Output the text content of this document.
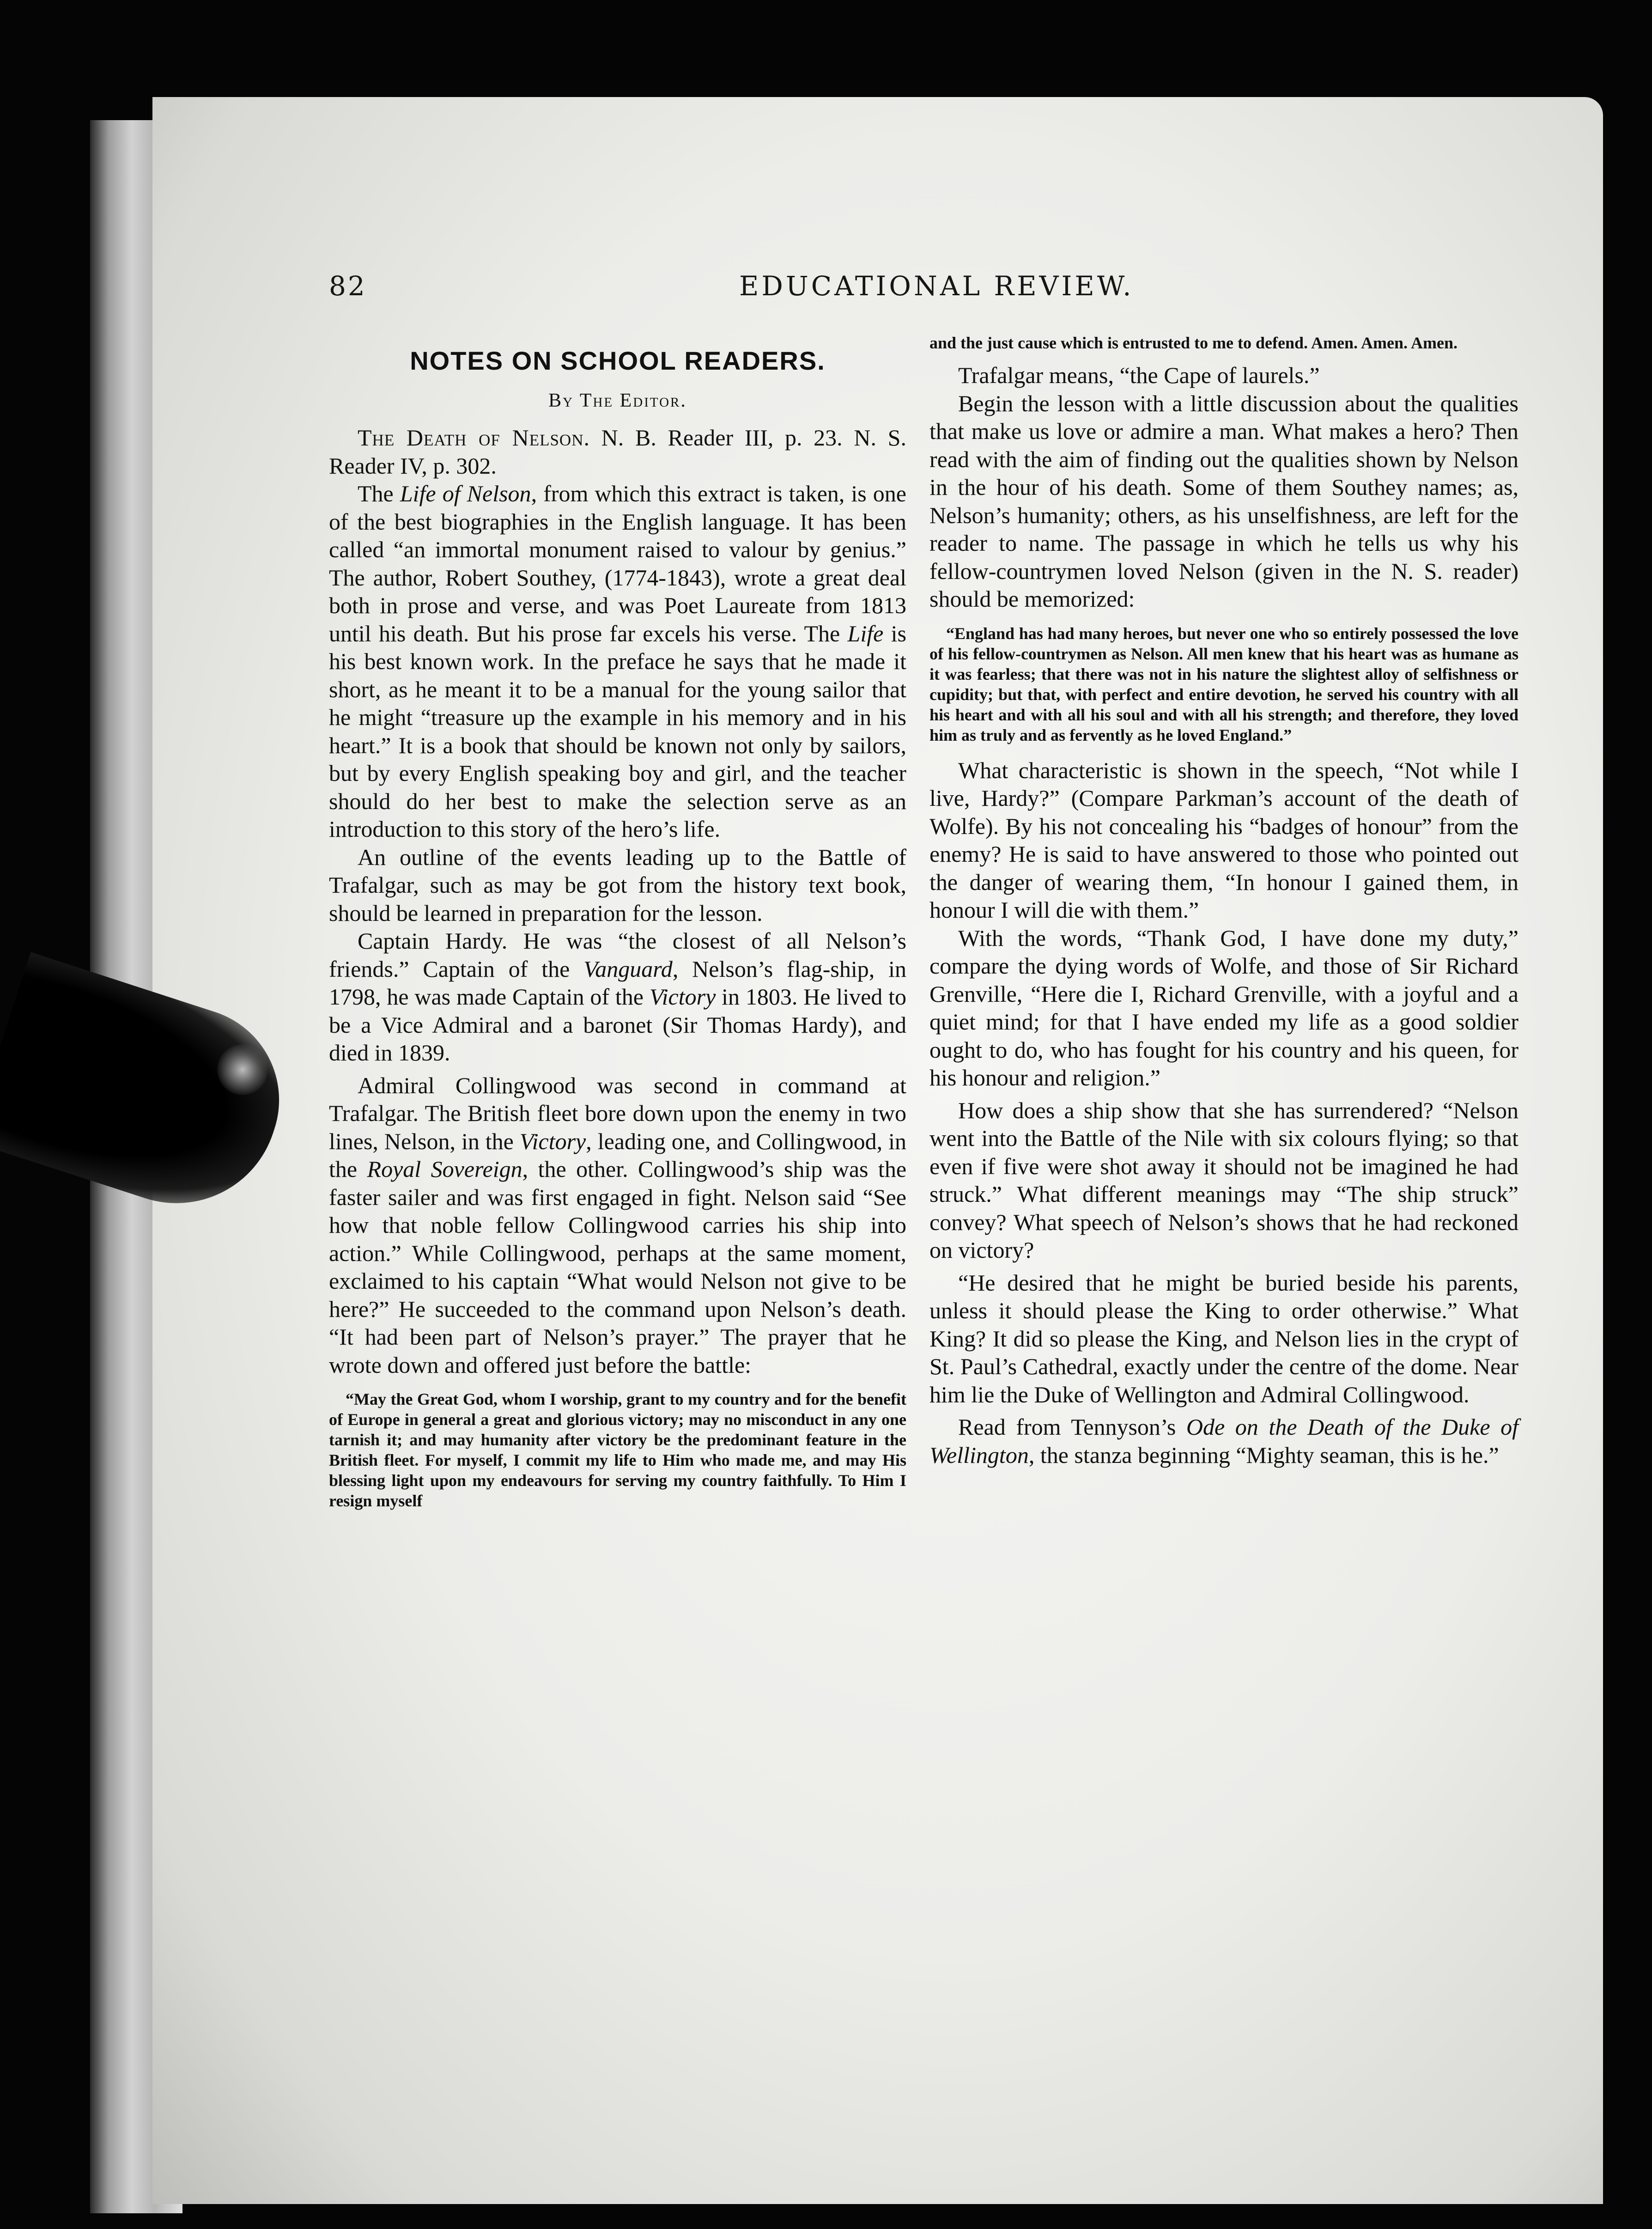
82	EDUCATIONAL REVIEW.
NOTES ON SCHOOL READERS.
By The Editor.

The Death of Nelson. N. B. Reader III, p. 23. N. S. Reader IV, p. 302.

The Life of Nelson, from which this extract is taken, is one of the best biographies in the English language. It has been called “an immortal monument raised to valour by genius.” The author, Robert Southey, (1774-1843), wrote a great deal both in prose and verse, and was Poet Laureate from 1813 until his death. But his prose far excels his verse. The Life is his best known work. In the preface he says that he made it short, as he meant it to be a manual for the young sailor that he might “treasure up the example in his memory and in his heart.” It is a book that should be known not only by sailors, but by every English speaking boy and girl, and the teacher should do her best to make the selection serve as an introduction to this story of the hero’s life.

An outline of the events leading up to the Battle of Trafalgar, such as may be got from the history text book, should be learned in preparation for the lesson.

Captain Hardy. He was “the closest of all Nelson’s friends.” Captain of the Vanguard, Nelson’s flag-ship, in 1798, he was made Captain of the Victory in 1803. He lived to be a Vice Admiral and a baronet (Sir Thomas Hardy), and died in 1839.

Admiral Collingwood was second in command at Trafalgar. The British fleet bore down upon the enemy in two lines, Nelson, in the Victory, leading one, and Collingwood, in the Royal Sovereign, the other. Collingwood’s ship was the faster sailer and was first engaged in fight. Nelson said “See how that noble fellow Collingwood carries his ship into action.” While Collingwood, perhaps at the same moment, exclaimed to his captain “What would Nelson not give to be here?” He succeeded to the command upon Nelson’s death. “It had been part of Nelson’s prayer.” The prayer that he wrote down and offered just before the battle:

“May the Great God, whom I worship, grant to my country and for the benefit of Europe in general a great and glorious victory; may no misconduct in any one tarnish it; and may humanity after victory be the predominant feature in the British fleet. For myself, I commit my life to Him who made me, and may His blessing light upon my endeavours for serving my country faithfully. To Him I resign myself

and the just cause which is entrusted to me to defend. Amen. Amen. Amen.

Trafalgar means, “the Cape of laurels.”

Begin the lesson with a little discussion about the qualities that make us love or admire a man. What makes a hero? Then read with the aim of finding out the qualities shown by Nelson in the hour of his death. Some of them Southey names; as, Nelson’s humanity; others, as his unselfishness, are left for the reader to name. The passage in which he tells us why his fellow-countrymen loved Nelson (given in the N. S. reader) should be memorized:

“England has had many heroes, but never one who so entirely possessed the love of his fellow-countrymen as Nelson. All men knew that his heart was as humane as it was fearless; that there was not in his nature the slightest alloy of selfishness or cupidity; but that, with perfect and entire devotion, he served his country with all his heart and with all his soul and with all his strength; and therefore, they loved him as truly and as fervently as he loved England.”

What characteristic is shown in the speech, “Not while I live, Hardy?” (Compare Parkman’s account of the death of Wolfe). By his not concealing his “badges of honour” from the enemy? He is said to have answered to those who pointed out the danger of wearing them, “In honour I gained them, in honour I will die with them.”

With the words, “Thank God, I have done my duty,” compare the dying words of Wolfe, and those of Sir Richard Grenville, “Here die I, Richard Grenville, with a joyful and a quiet mind; for that I have ended my life as a good soldier ought to do, who has fought for his country and his queen, for his honour and religion.”

How does a ship show that she has surrendered? “Nelson went into the Battle of the Nile with six colours flying; so that even if five were shot away it should not be imagined he had struck.” What different meanings may “The ship struck” convey? What speech of Nelson’s shows that he had reckoned on victory?

“He desired that he might be buried beside his parents, unless it should please the King to order otherwise.” What King? It did so please the King, and Nelson lies in the crypt of St. Paul’s Cathedral, exactly under the centre of the dome. Near him lie the Duke of Wellington and Admiral Collingwood.

Read from Tennyson’s Ode on the Death of the Duke of Wellington, the stanza beginning “Mighty seaman, this is he.”
